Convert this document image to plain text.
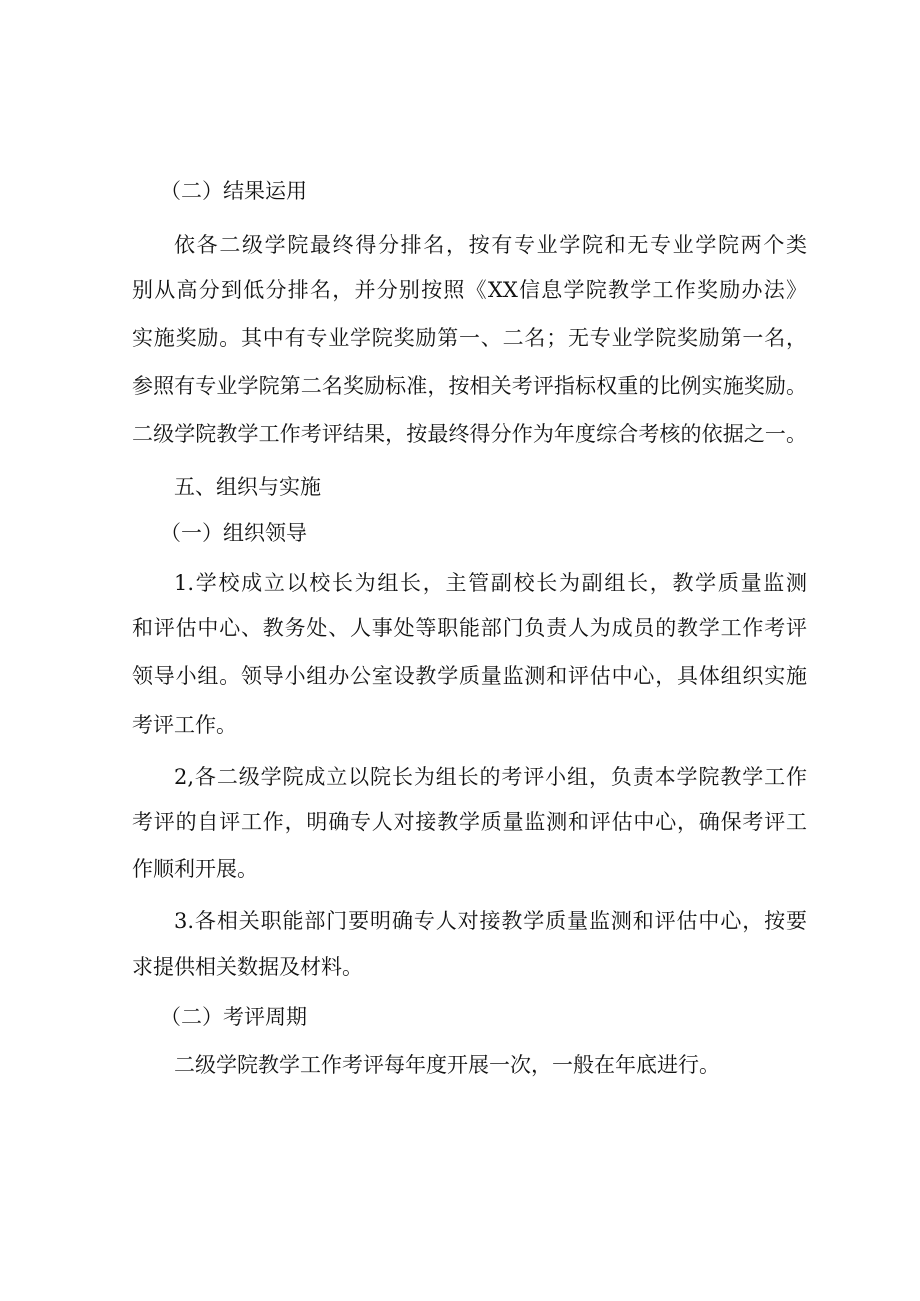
（二）结果运用
依各二级学院最终得分排名，按有专业学院和无专业学院两个类
别从高分到低分排名，并分别按照《XX信息学院教学工作奖励办法》
实施奖励。其中有专业学院奖励第一、二名；无专业学院奖励第一名，
参照有专业学院第二名奖励标准，按相关考评指标权重的比例实施奖励。
二级学院教学工作考评结果，按最终得分作为年度综合考核的依据之一。
五、组织与实施
（一）组织领导
1.学校成立以校长为组长，主管副校长为副组长，教学质量监测
和评估中心、教务处、人事处等职能部门负责人为成员的教学工作考评
领导小组。领导小组办公室设教学质量监测和评估中心，具体组织实施
考评工作。
2,各二级学院成立以院长为组长的考评小组，负责本学院教学工作
考评的自评工作，明确专人对接教学质量监测和评估中心，确保考评工
作顺利开展。
3.各相关职能部门要明确专人对接教学质量监测和评估中心，按要
求提供相关数据及材料。
（二）考评周期
二级学院教学工作考评每年度开展一次，一般在年底进行。
